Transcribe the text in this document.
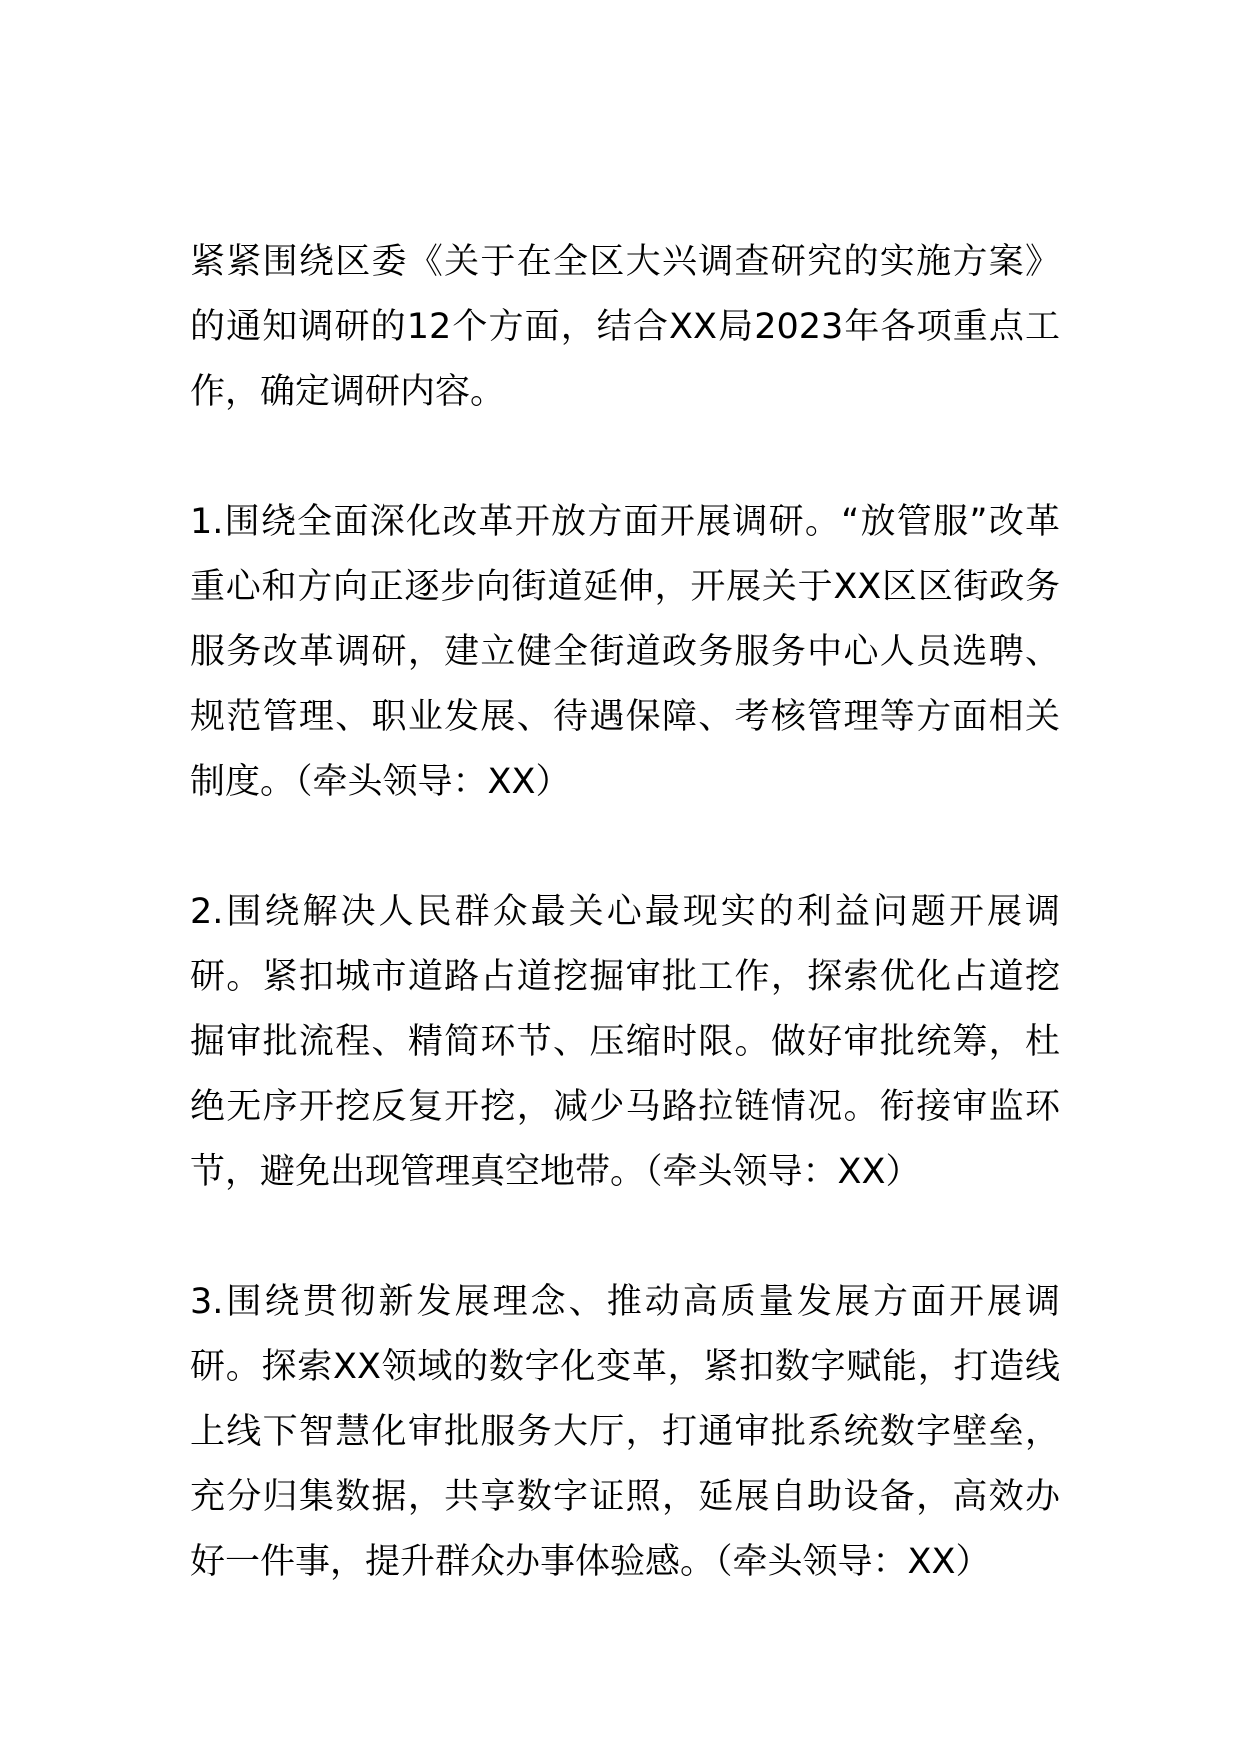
紧紧围绕区委《关于在全区大兴调查研究的实施方案》的通知调研的12个方面，结合XX局2023年各项重点工作，确定调研内容。

1.围绕全面深化改革开放方面开展调研。“放管服”改革重心和方向正逐步向街道延伸，开展关于XX区区街政务服务改革调研，建立健全街道政务服务中心人员选聘、规范管理、职业发展、待遇保障、考核管理等方面相关制度。（牵头领导：XX）

2.围绕解决人民群众最关心最现实的利益问题开展调研。紧扣城市道路占道挖掘审批工作，探索优化占道挖掘审批流程、精简环节、压缩时限。做好审批统筹，杜绝无序开挖反复开挖，减少马路拉链情况。衔接审监环节，避免出现管理真空地带。（牵头领导：XX）

3.围绕贯彻新发展理念、推动高质量发展方面开展调研。探索XX领域的数字化变革，紧扣数字赋能，打造线上线下智慧化审批服务大厅，打通审批系统数字壁垒，充分归集数据，共享数字证照，延展自助设备，高效办好一件事，提升群众办事体验感。（牵头领导：XX）
